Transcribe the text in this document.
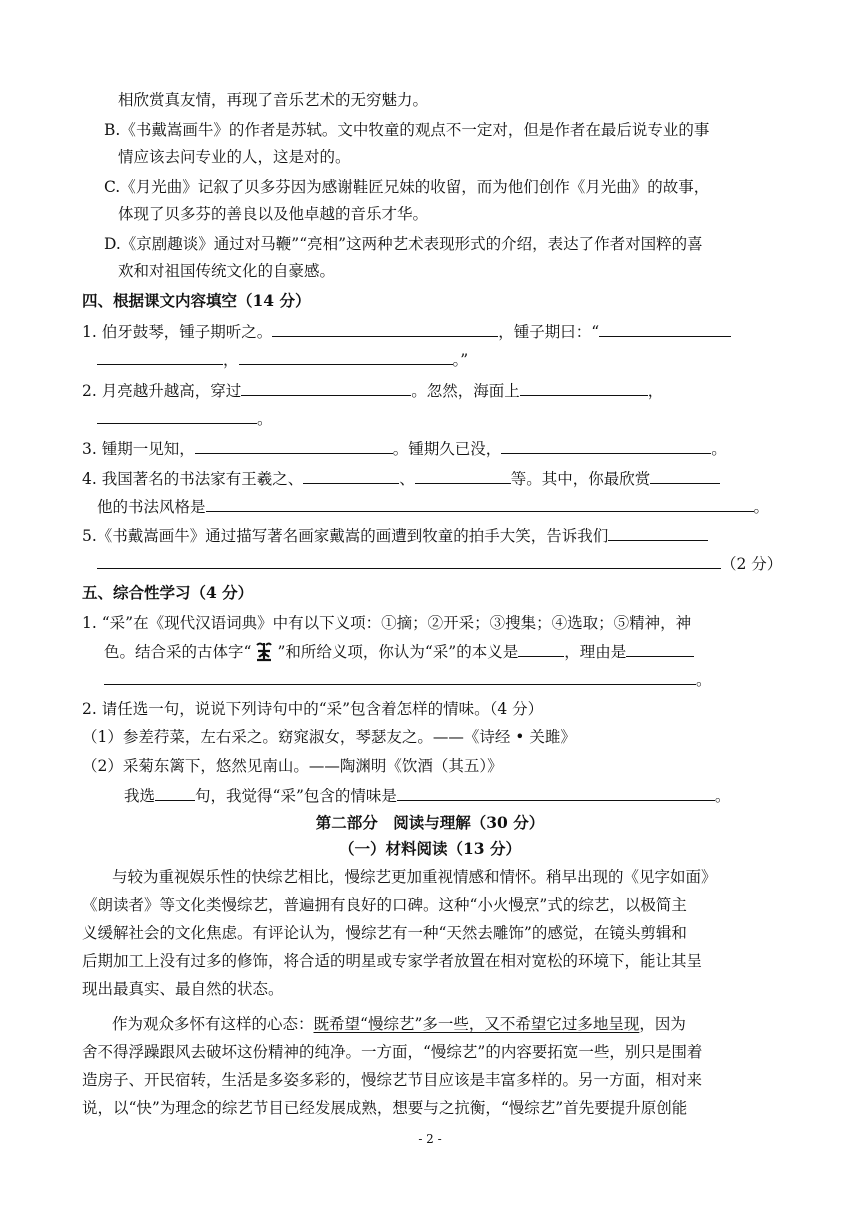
相欣赏真友情，再现了音乐艺术的无穷魅力。
B.《书戴嵩画牛》的作者是苏轼。文中牧童的观点不一定对，但是作者在最后说专业的事
情应该去问专业的人，这是对的。
C.《月光曲》记叙了贝多芬因为感谢鞋匠兄妹的收留，而为他们创作《月光曲》的故事，
体现了贝多芬的善良以及他卓越的音乐才华。
D.《京剧趣谈》通过对马鞭”“亮相”这两种艺术表现形式的介绍，表达了作者对国粹的喜
欢和对祖国传统文化的自豪感。
四、根据课文内容填空（14 分）
1. 伯牙鼓琴，锺子期听之。	，锺子期曰：“
，	。”
2. 月亮越升越高，穿过	。忽然，海面上	，
。
3. 锺期一见知，	。锺期久已没，	。
4. 我国著名的书法家有王羲之、	、	等。其中，你最欣赏
他的书法风格是	。
5.《书戴嵩画牛》通过描写著名画家戴嵩的画遭到牧童的拍手大笑，告诉我们
（2 分）
五、综合性学习（4 分）
1. “采”在《现代汉语词典》中有以下义项：①摘；②开采；③搜集；④选取；⑤精神，神
色。结合采的古体字“ ”和所给义项，你认为“采”的本义是	，理由是
。
2. 请任选一句，说说下列诗句中的“采”包含着怎样的情味。（4 分）
（1）参差荇菜，左右采之。窈窕淑女，琴瑟友之。——《诗经 • 关雎》
（2）采菊东篱下，悠然见南山。——陶渊明《饮酒（其五）》
我选	句，我觉得“采”包含的情味是	。
第二部分　阅读与理解（30 分）
（一）材料阅读（13 分）
与较为重视娱乐性的快综艺相比，慢综艺更加重视情感和情怀。稍早出现的《见字如面》
《朗读者》等文化类慢综艺，普遍拥有良好的口碑。这种“小火慢烹”式的综艺，以极简主
义缓解社会的文化焦虑。有评论认为，慢综艺有一种“天然去雕饰”的感觉，在镜头剪辑和
后期加工上没有过多的修饰，将合适的明星或专家学者放置在相对宽松的环境下，能让其呈
现出最真实、最自然的状态。
作为观众多怀有这样的心态：既希望“慢综艺”多一些，又不希望它过多地呈现，因为
舍不得浮躁跟风去破坏这份精神的纯净。一方面，“慢综艺”的内容要拓宽一些，别只是围着
造房子、开民宿转，生活是多姿多彩的，慢综艺节目应该是丰富多样的。另一方面，相对来
说，以“快”为理念的综艺节目已经发展成熟，想要与之抗衡，“慢综艺”首先要提升原创能
- 2 -
